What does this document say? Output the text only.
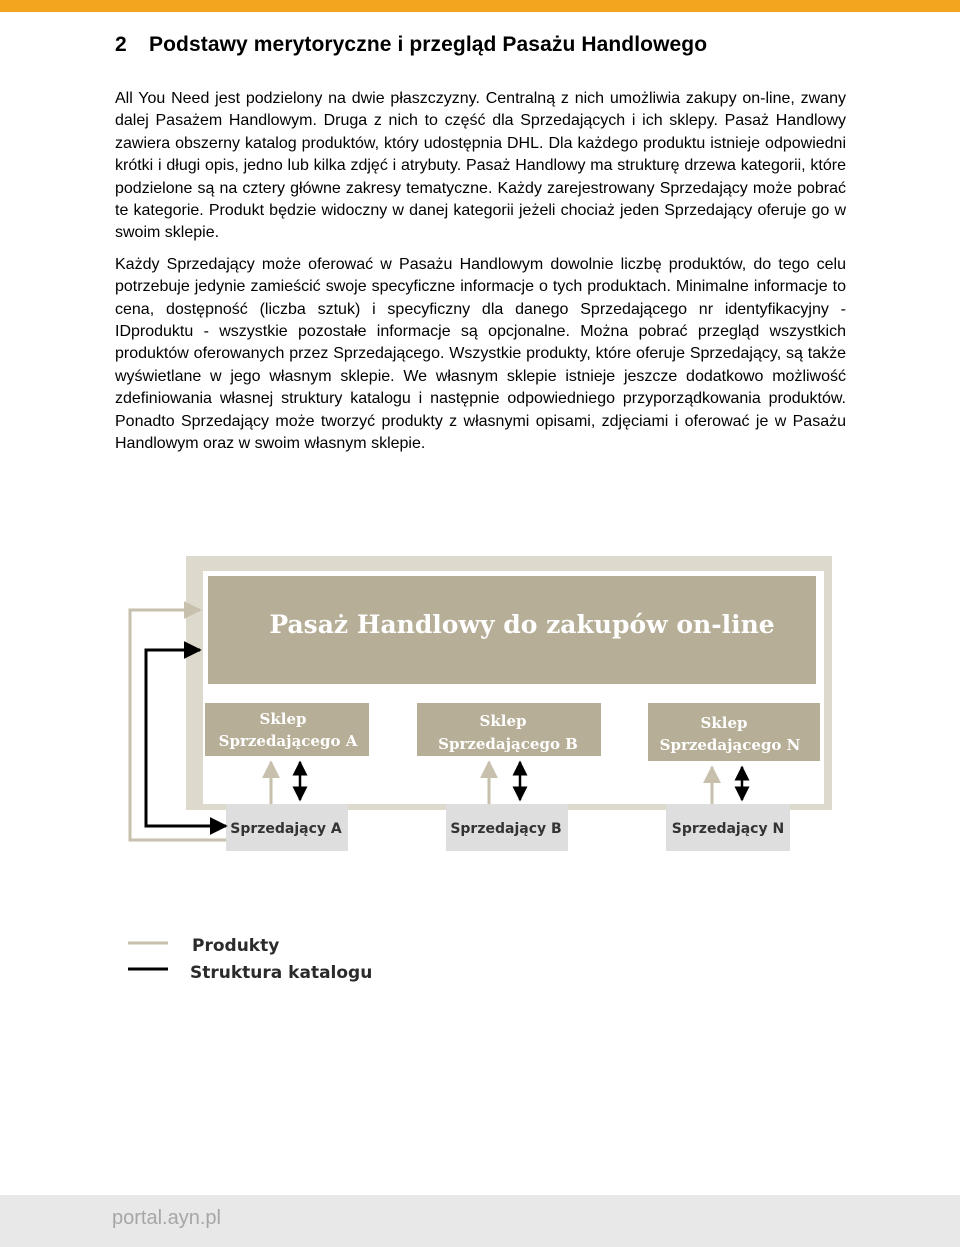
2 Podstawy merytoryczne i przegląd Pasażu Handlowego

All You Need jest podzielony na dwie płaszczyzny. Centralną z nich umożliwia zakupy on-line, zwany dalej Pasażem Handlowym. Druga z nich to część dla Sprzedających i ich sklepy. Pasaż Handlowy zawiera obszerny katalog produktów, który udostępnia DHL. Dla każdego produktu istnieje odpowiedni krótki i długi opis, jedno lub kilka zdjęć i atrybuty. Pasaż Handlowy ma strukturę drzewa kategorii, które podzielone są na cztery główne zakresy tematyczne. Każdy zarejestrowany Sprzedający może pobrać te kategorie. Produkt będzie widoczny w danej kategorii jeżeli chociaż jeden Sprzedający oferuje go w swoim sklepie.

Każdy Sprzedający może oferować w Pasażu Handlowym dowolnie liczbę produktów, do tego celu potrzebuje jedynie zamieścić swoje specyficzne informacje o tych produktach. Minimalne informacje to cena, dostępność (liczba sztuk) i specyficzny dla danego Sprzedającego nr identyfikacyjny - IDproduktu - wszystkie pozostałe informacje są opcjonalne. Można pobrać przegląd wszystkich produktów oferowanych przez Sprzedającego. Wszystkie produkty, które oferuje Sprzedający, są także wyświetlane w jego własnym sklepie. We własnym sklepie istnieje jeszcze dodatkowo możliwość zdefiniowania własnej struktury katalogu i następnie odpowiedniego przyporządkowania produktów. Ponadto Sprzedający może tworzyć produkty z własnymi opisami, zdjęciami i oferować je w Pasażu Handlowym oraz w swoim własnym sklepie.

Pasaż Handlowy do zakupów on-line
Sklep
Sprzedającego A
Sklep
Sprzedającego B
Sklep
Sprzedającego N
Sprzedający A	Sprzedający B	Sprzedający N
Produkty
Struktura katalogu
portal.ayn.pl
